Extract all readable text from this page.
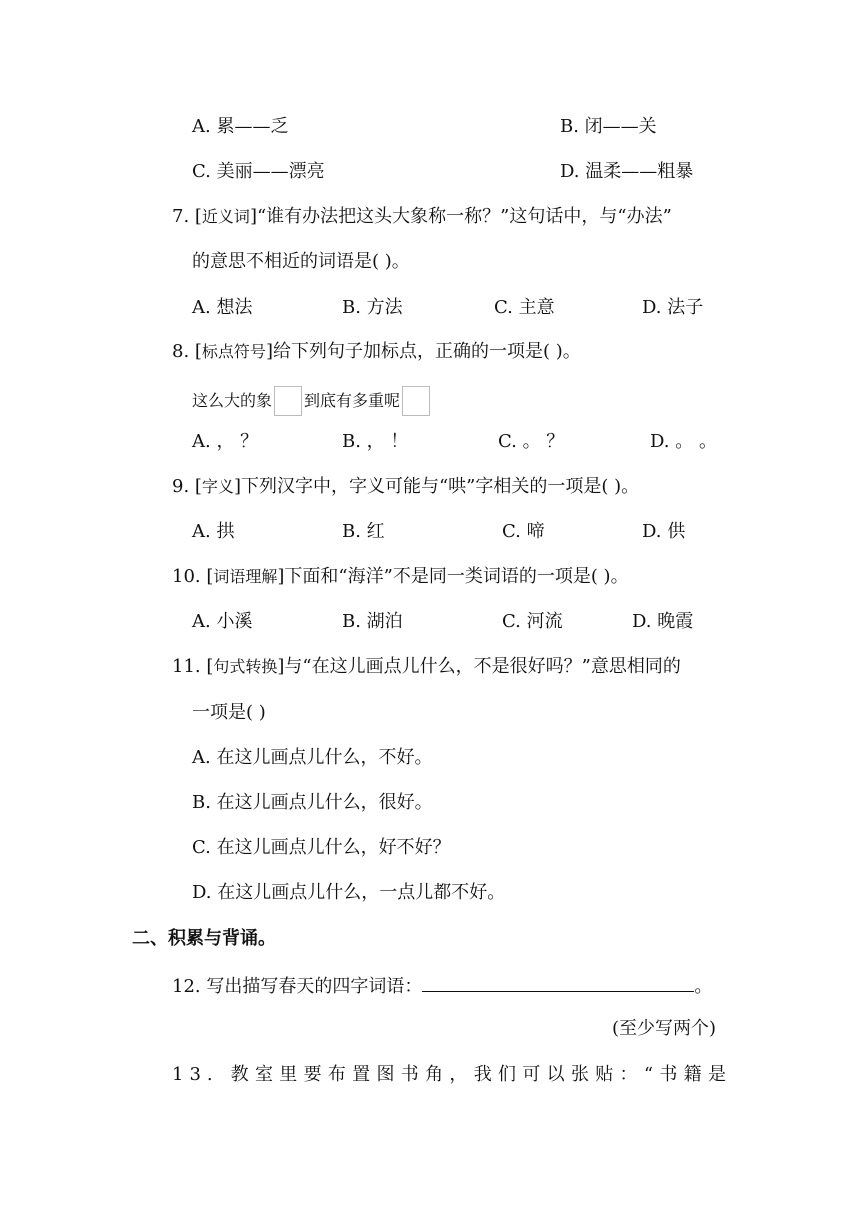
A. 累——乏	B. 闭——关
C. 美丽——漂亮	D. 温柔——粗暴
7. [近义词]“谁有办法把这头大象称一称？”这句话中，与“办法”
的意思不相近的词语是( )。
A. 想法	B. 方法	C. 主意	D. 法子
8. [标点符号]给下列句子加标点，正确的一项是( )。
这么大的象 到底有多重呢
A. ， ？	B. ， ！	C. 。 ？	D. 。 。
9. [字义]下列汉字中，字义可能与“哄”字相关的一项是( )。
A. 拱	B. 红	C. 啼	D. 供
10. [词语理解]下面和“海洋”不是同一类词语的一项是( )。
A. 小溪	B. 湖泊	C. 河流	D. 晚霞
11. [句式转换]与“在这儿画点儿什么，不是很好吗？”意思相同的
一项是( )
A. 在这儿画点儿什么，不好。
B. 在这儿画点儿什么，很好。
C. 在这儿画点儿什么，好不好？
D. 在这儿画点儿什么，一点儿都不好。
二、积累与背诵。
12. 写出描写春天的四字词语：	。
(至少写两个)
13. 教室里要布置图书角，我们可以张贴：“书籍是
